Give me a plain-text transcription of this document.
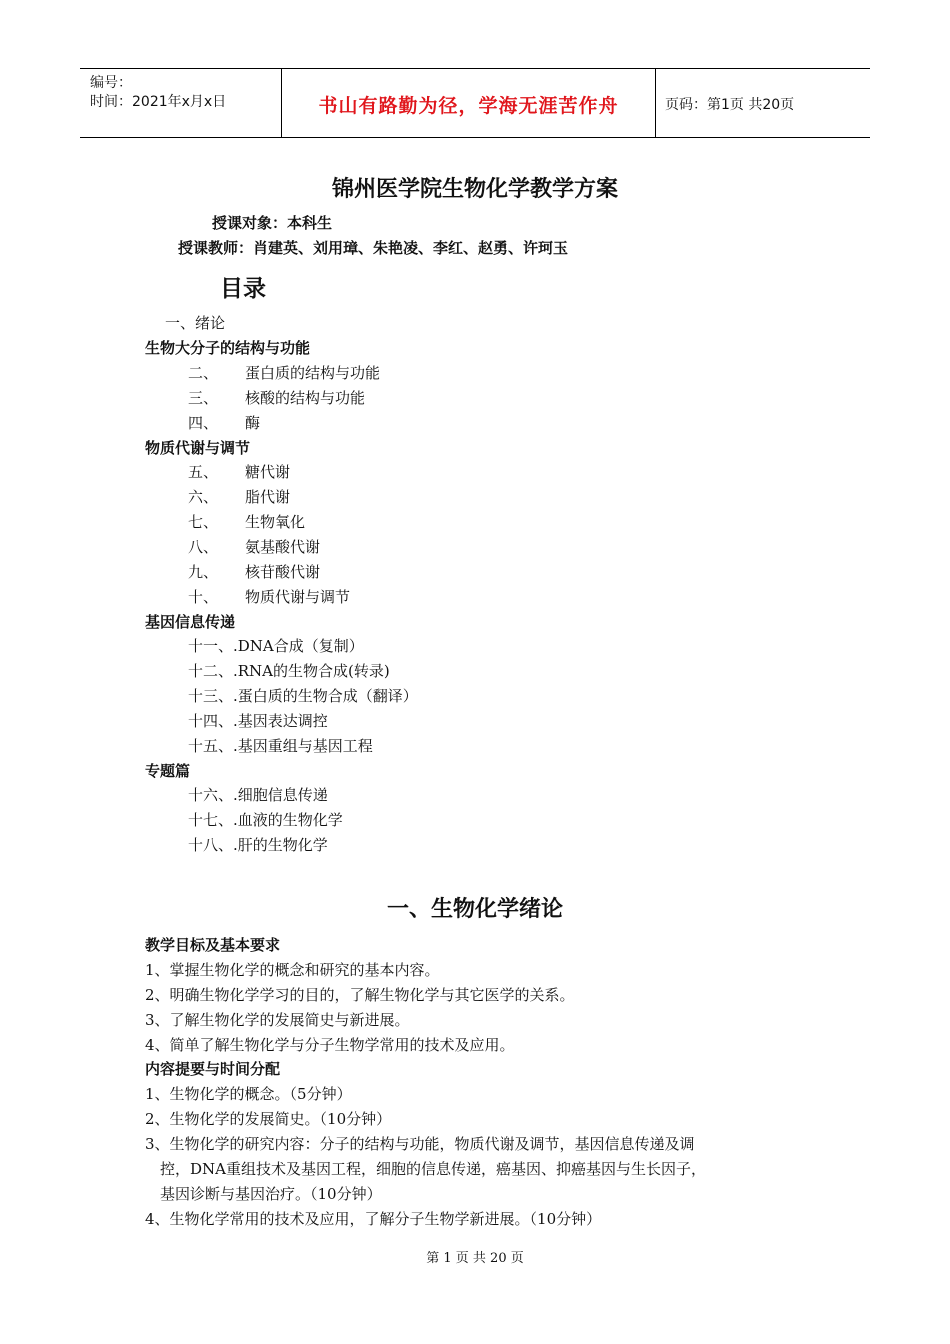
编号：
时间：2021年x月x日	书山有路勤为径，学海无涯苦作舟	页码：第1页 共20页
锦州医学院生物化学教学方案
授课对象：本科生
授课教师：肖建英、刘用璋、朱艳凌、李红、赵勇、许珂玉
目录
一、绪论
生物大分子的结构与功能
二、 蛋白质的结构与功能
三、 核酸的结构与功能
四、 酶
物质代谢与调节
五、 糖代谢
六、 脂代谢
七、 生物氧化
八、 氨基酸代谢
九、 核苷酸代谢
十、 物质代谢与调节
基因信息传递
十一、.DNA合成（复制）
十二、.RNA的生物合成(转录)
十三、.蛋白质的生物合成（翻译）
十四、.基因表达调控
十五、.基因重组与基因工程
专题篇
十六、.细胞信息传递
十七、.血液的生物化学
十八、.肝的生物化学
一、生物化学绪论
教学目标及基本要求
1、掌握生物化学的概念和研究的基本内容。
2、明确生物化学学习的目的，了解生物化学与其它医学的关系。
3、了解生物化学的发展简史与新进展。
4、简单了解生物化学与分子生物学常用的技术及应用。
内容提要与时间分配
1、生物化学的概念。（5分钟）
2、生物化学的发展简史。（10分钟）
3、生物化学的研究内容：分子的结构与功能，物质代谢及调节，基因信息传递及调
控，DNA重组技术及基因工程，细胞的信息传递，癌基因、抑癌基因与生长因子，
基因诊断与基因治疗。（10分钟）
4、生物化学常用的技术及应用，了解分子生物学新进展。（10分钟）
第 1 页 共 20 页
